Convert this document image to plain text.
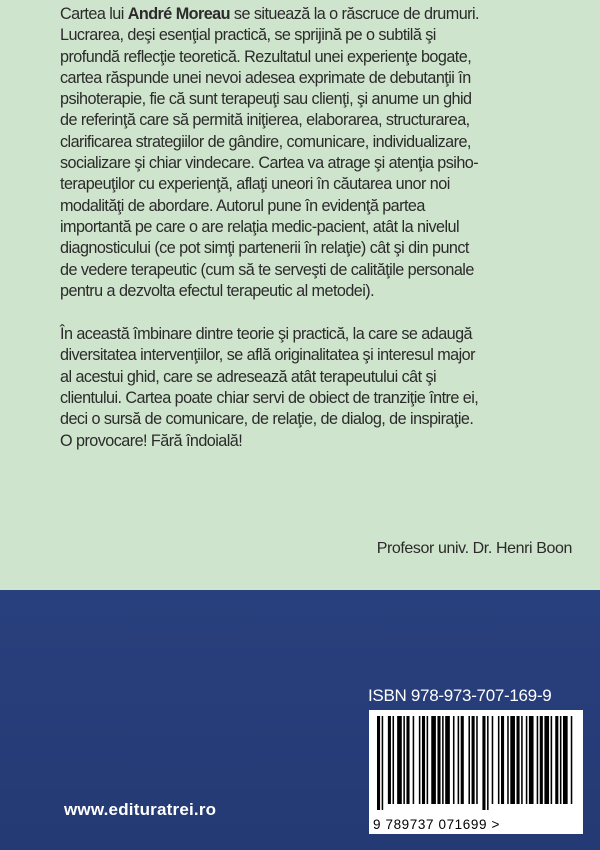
Cartea lui André Moreau se situează la o răscruce de drumuri.
Lucrarea, deşi esenţial practică, se sprijină pe o subtilă şi
profundă reflecţie teoretică. Rezultatul unei experienţe bogate,
cartea răspunde unei nevoi adesea exprimate de debutanţii în
psihoterapie, fie că sunt terapeuţi sau clienţi, şi anume un ghid
de referinţă care să permită iniţierea, elaborarea, structurarea,
clarificarea strategiilor de gândire, comunicare, individualizare,
socializare şi chiar vindecare. Cartea va atrage şi atenţia psiho-
terapeuţilor cu experienţă, aflaţi uneori în căutarea unor noi
modalităţi de abordare. Autorul pune în evidenţă partea
importantă pe care o are relaţia medic-pacient, atât la nivelul
diagnosticului (ce pot simţi partenerii în relaţie) cât şi din punct
de vedere terapeutic (cum să te serveşti de calităţile personale
pentru a dezvolta efectul terapeutic al metodei).

În această îmbinare dintre teorie şi practică, la care se adaugă
diversitatea intervenţiilor, se află originalitatea şi interesul major
al acestui ghid, care se adresează atât terapeutului cât şi
clientului. Cartea poate chiar servi de obiect de tranziţie între ei,
deci o sursă de comunicare, de relaţie, de dialog, de inspiraţie.
O provocare! Fără îndoială!

Profesor univ. Dr. Henri Boon
ISBN 978-973-707-169-9
9 789737 071699 >
www.edituratrei.ro
